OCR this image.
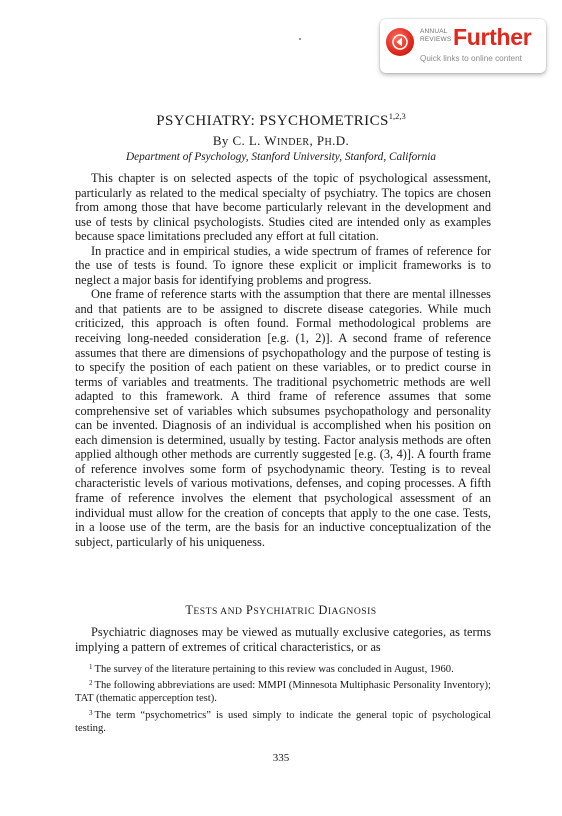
ANNUAL
REVIEWS Further
Quick links to online content
PSYCHIATRY: PSYCHOMETRICS$^{1,2,3}$
By C. L. WINDER, PH.D.
Department of Psychology, Stanford University, Stanford, California

This chapter is on selected aspects of the topic of psychological assessment, particularly as related to the medical specialty of psychiatry. The topics are chosen from among those that have become particularly relevant in the development and use of tests by clinical psychologists. Studies cited are intended only as examples because space limitations precluded any effort at full citation.

In practice and in empirical studies, a wide spectrum of frames of reference for the use of tests is found. To ignore these explicit or implicit frameworks is to neglect a major basis for identifying problems and progress.

One frame of reference starts with the assumption that there are mental illnesses and that patients are to be assigned to discrete disease categories. While much criticized, this approach is often found. Formal methodological problems are receiving long-needed consideration [e.g. (1, 2)]. A second frame of reference assumes that there are dimensions of psychopathology and the purpose of testing is to specify the position of each patient on these variables, or to predict course in terms of variables and treatments. The traditional psychometric methods are well adapted to this framework. A third frame of reference assumes that some comprehensive set of variables which subsumes psychopathology and personality can be invented. Diagnosis of an individual is accomplished when his position on each dimension is determined, usually by testing. Factor analysis methods are often applied although other methods are currently suggested [e.g. (3, 4)]. A fourth frame of reference involves some form of psychodynamic theory. Testing is to reveal characteristic levels of various motivations, defenses, and coping processes. A fifth frame of reference involves the element that psychological assessment of an individual must allow for the creation of concepts that apply to the one case. Tests, in a loose use of the term, are the basis for an inductive conceptualization of the subject, particularly of his uniqueness.

TESTS AND PSYCHIATRIC DIAGNOSIS

Psychiatric diagnoses may be viewed as mutually exclusive categories, as terms implying a pattern of extremes of critical characteristics, or as

$^1$ The survey of the literature pertaining to this review was concluded in August, 1960.

$^2$ The following abbreviations are used: MMPI (Minnesota Multiphasic Personality Inventory); TAT (thematic apperception test).

$^3$ The term “psychometrics” is used simply to indicate the general topic of psychological testing.

335
